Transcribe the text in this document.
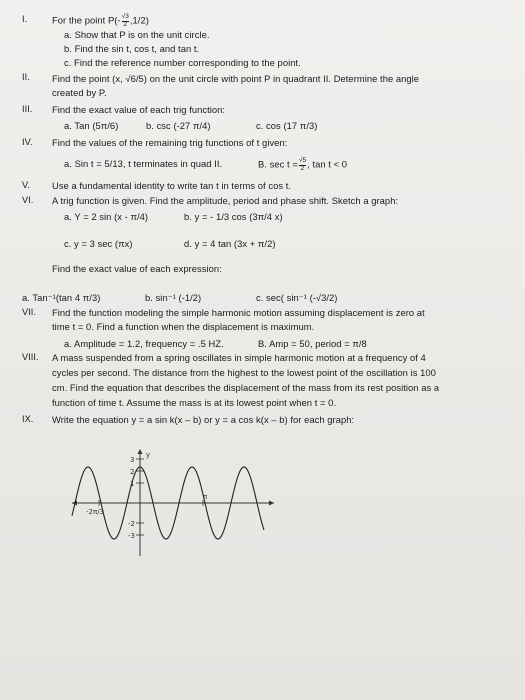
I.	For the point $P(- \frac{√3}{2} ,1/2)$
a. Show that P is on the unit circle.
b. Find the sin t, cos t, and tan t.
c. Find the reference number corresponding to the point.
II. Find the point (x, √6/5) on the unit circle with point P in quadrant II. Determine the angle
created by P.
III. Find the exact value of each trig function:
a. Tan (5π/6)	b. csc (-27 π/4)	c. cos (17 π/3)
IV. Find the values of the remaining trig functions of t given:
a. Sin t = 5/13, t terminates in quad II.	B. $\sec t = \frac{√5}{2}$ , tan t < 0
V. Use a fundamental identity to write tan t in terms of cos t.
VI. A trig function is given. Find the amplitude, period and phase shift. Sketch a graph:
a. Y = 2 sin (x - π/4)	b. y = - 1/3 cos (3π/4 x)
c. y = 3 sec (πx)	d. y = 4 tan (3x + π/2)
Find the exact value of each expression:
a. Tan⁻¹(tan 4 π/3)	b. sin⁻¹ (-1/2)	c. sec( sin⁻¹ (-√3/2)
VII. Find the function modeling the simple harmonic motion assuming displacement is zero at
time t = 0. Find a function when the displacement is maximum.
a. Amplitude = 1.2, frequency = .5 HZ.	B. Amp = 50, period = π/8
VIII. A mass suspended from a spring oscillates in simple harmonic motion at a frequency of 4
cycles per second. The distance from the highest to the lowest point of the oscillation is 100
cm. Find the equation that describes the displacement of the mass from its rest position as a
function of time t. Assume the mass is at its lowest point when t = 0.
IX. Write the equation y = a sin k(x – b) or y = a cos k(x – b) for each graph:
y
3
2
1
-2
-3
-2π/3
π
